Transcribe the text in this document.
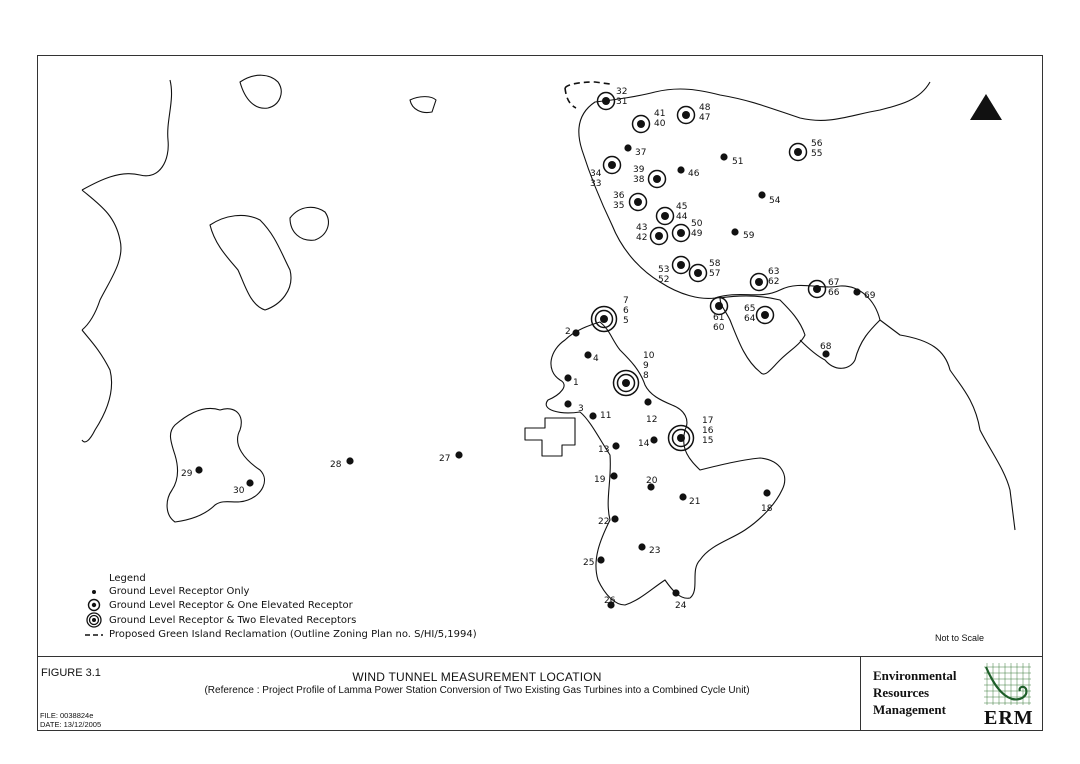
32 31
41 40
48 47
37
51
56 55
34 33
39 38
46
54
36 35	45 44
43 42
50 49	59
53 52
58 57	63 62	67 66	69
61 60
65 64
68
7 6 5
2
4
1
10 9 8
3
11	12	17 16 15
13
14
19	20
21
18
22
23
25
26	24
27
28
29
30
Legend
Ground Level Receptor Only
Ground Level Receptor & One Elevated Receptor
Ground Level Receptor & Two Elevated Receptors
Proposed Green Island Reclamation (Outline Zoning Plan no. S/HI/5,1994)	Not to Scale
FIGURE 3.1	WIND TUNNEL MEASUREMENT LOCATION
(Reference : Project Profile of Lamma Power Station Conversion of Two Existing Gas Turbines into a Combined Cycle Unit)
FILE: 0038824e
DATE: 13/12/2005
Environmental
Resources
Management	ERM
